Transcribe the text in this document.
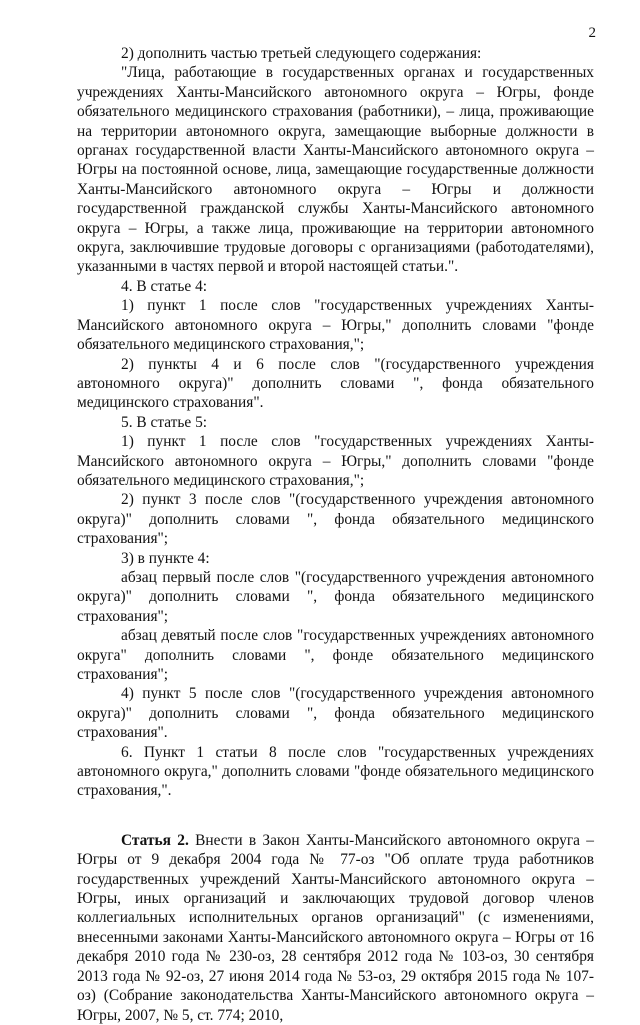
2

2) дополнить частью третьей следующего содержания:

"Лица, работающие в государственных органах и государственных учреждениях Ханты-Мансийского автономного округа – Югры, фонде обязательного медицинского страхования (работники), – лица, проживающие на территории автономного округа, замещающие выборные должности в органах государственной власти Ханты-Мансийского автономного округа – Югры на постоянной основе, лица, замещающие государственные должности Ханты-Мансийского автономного округа – Югры и должности государственной гражданской службы Ханты-Мансийского автономного округа – Югры, а также лица, проживающие на территории автономного округа, заключившие трудовые договоры с организациями (работодателями), указанными в частях первой и второй настоящей статьи.".

4. В статье 4:

1) пункт 1 после слов "государственных учреждениях Ханты-Мансийского автономного округа – Югры," дополнить словами "фонде обязательного медицинского страхования,";

2) пункты 4 и 6 после слов "(государственного учреждения автономного округа)" дополнить словами ", фонда обязательного медицинского страхования".

5. В статье 5:

1) пункт 1 после слов "государственных учреждениях Ханты-Мансийского автономного округа – Югры," дополнить словами "фонде обязательного медицинского страхования,";

2) пункт 3 после слов "(государственного учреждения автономного округа)" дополнить словами ", фонда обязательного медицинского страхования";

3) в пункте 4:

абзац первый после слов "(государственного учреждения автономного округа)" дополнить словами ", фонда обязательного медицинского страхования";

абзац девятый после слов "государственных учреждениях автономного округа" дополнить словами ", фонде обязательного медицинского страхования";

4) пункт 5 после слов "(государственного учреждения автономного округа)" дополнить словами ", фонда обязательного медицинского страхования".

6. Пункт 1 статьи 8 после слов "государственных учреждениях автономного округа," дополнить словами "фонде обязательного медицинского страхования,".

Статья 2. Внести в Закон Ханты-Мансийского автономного округа – Югры от 9 декабря 2004 года № 77-оз "Об оплате труда работников государственных учреждений Ханты-Мансийского автономного округа – Югры, иных организаций и заключающих трудовой договор членов коллегиальных исполнительных органов организаций" (с изменениями, внесенными законами Ханты-Мансийского автономного округа – Югры от 16 декабря 2010 года № 230-оз, 28 сентября 2012 года № 103-оз, 30 сентября 2013 года № 92-оз, 27 июня 2014 года № 53-оз, 29 октября 2015 года № 107-оз) (Собрание законодательства Ханты-Мансийского автономного округа – Югры, 2007, № 5, ст. 774; 2010,
